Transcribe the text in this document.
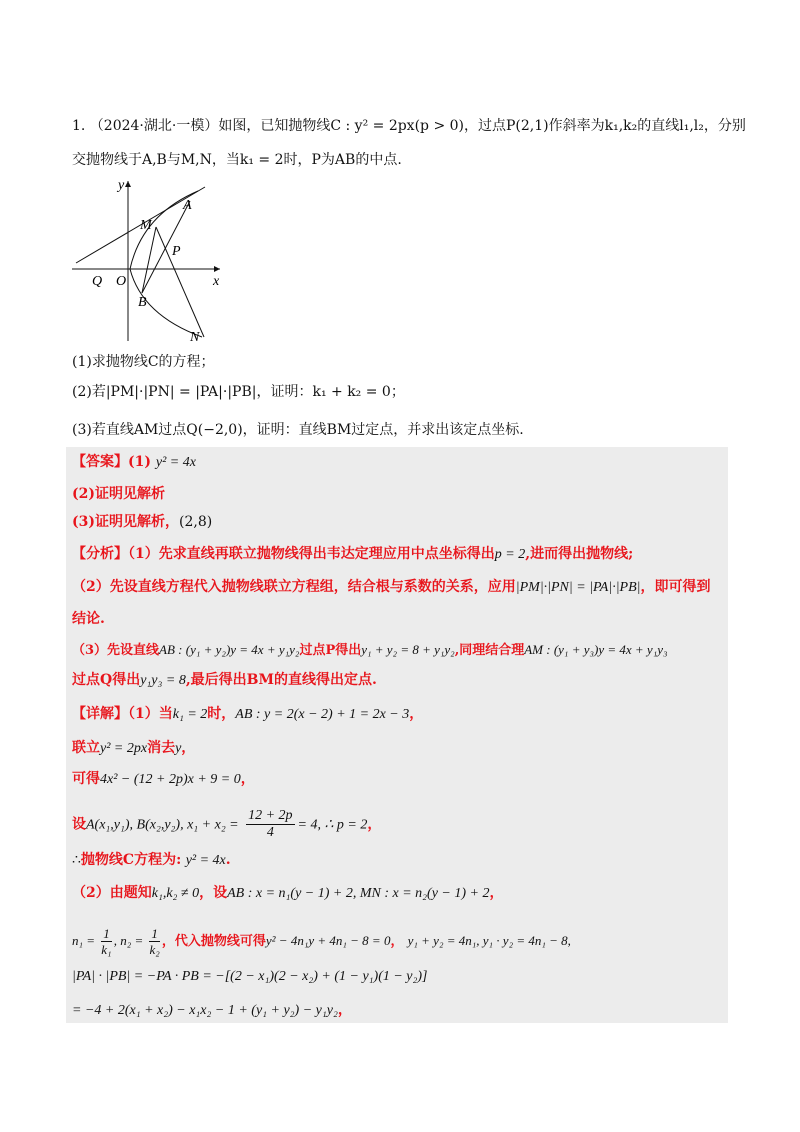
1. （2024·湖北·一模）如图，已知抛物线C : y² = 2px(p > 0)，过点P(2,1)作斜率为k₁,k₂的直线l₁,l₂，分别
交抛物线于A,B与M,N，当k₁ = 2时，P为AB的中点.
y
x
O
Q
A
M
P
B
N
(1)求抛物线C的方程；
(2)若|PM|·|PN| = |PA|·|PB|，证明：k₁ + k₂ = 0；
(3)若直线AM过点Q(−2,0)，证明：直线BM过定点，并求出该定点坐标.
【答案】(1) y² = 4x
(2)证明见解析
(3)证明见解析，(2,8)
【分析】（1）先求直线再联立抛物线得出韦达定理应用中点坐标得出p = 2,进而得出抛物线;
（2）先设直线方程代入抛物线联立方程组，结合根与系数的关系，应用|PM|·|PN| = |PA|·|PB|，即可得到
结论.
（3）先设直线AB : (y₁ + y₂)y = 4x + y₁y₂过点P得出y₁ + y₂ = 8 + y₁y₂,同理结合理AM : (y₁ + y₃)y = 4x + y₁y₃
过点Q得出y₁y₃ = 8,最后得出BM的直线得出定点.
【详解】（1）当k₁ = 2时，AB : y = 2(x − 2) + 1 = 2x − 3，
联立y² = 2px消去y，
可得4x² − (12 + 2p)x + 9 = 0，
设A(x₁,y₁), B(x₂,y₂), $x_1 + x_2 = \frac{12 + 2p}{4} = 4$, ∴ p = 2，
∴抛物线C方程为: y² = 4x.
（2）由题知k₁,k₂ ≠ 0，设AB : x = n₁(y − 1) + 2, MN : x = n₂(y − 1) + 2，
$n_1 = \frac{1}{\text{k₁}}$ , $n_2 = \frac{1}{\text{k₂}}$ ，代入抛物线可得y² − 4n₁y + 4n₁ − 8 = 0， y₁ + y₂ = 4n₁, y₁ · y₂ = 4n₁ − 8,
|PA| · |PB| = −PA · PB = −[(2 − x₁)(2 − x₂) + (1 − y₁)(1 − y₂)]
= −4 + 2(x₁ + x₂) − x₁x₂ − 1 + (y₁ + y₂) − y₁y₂，
